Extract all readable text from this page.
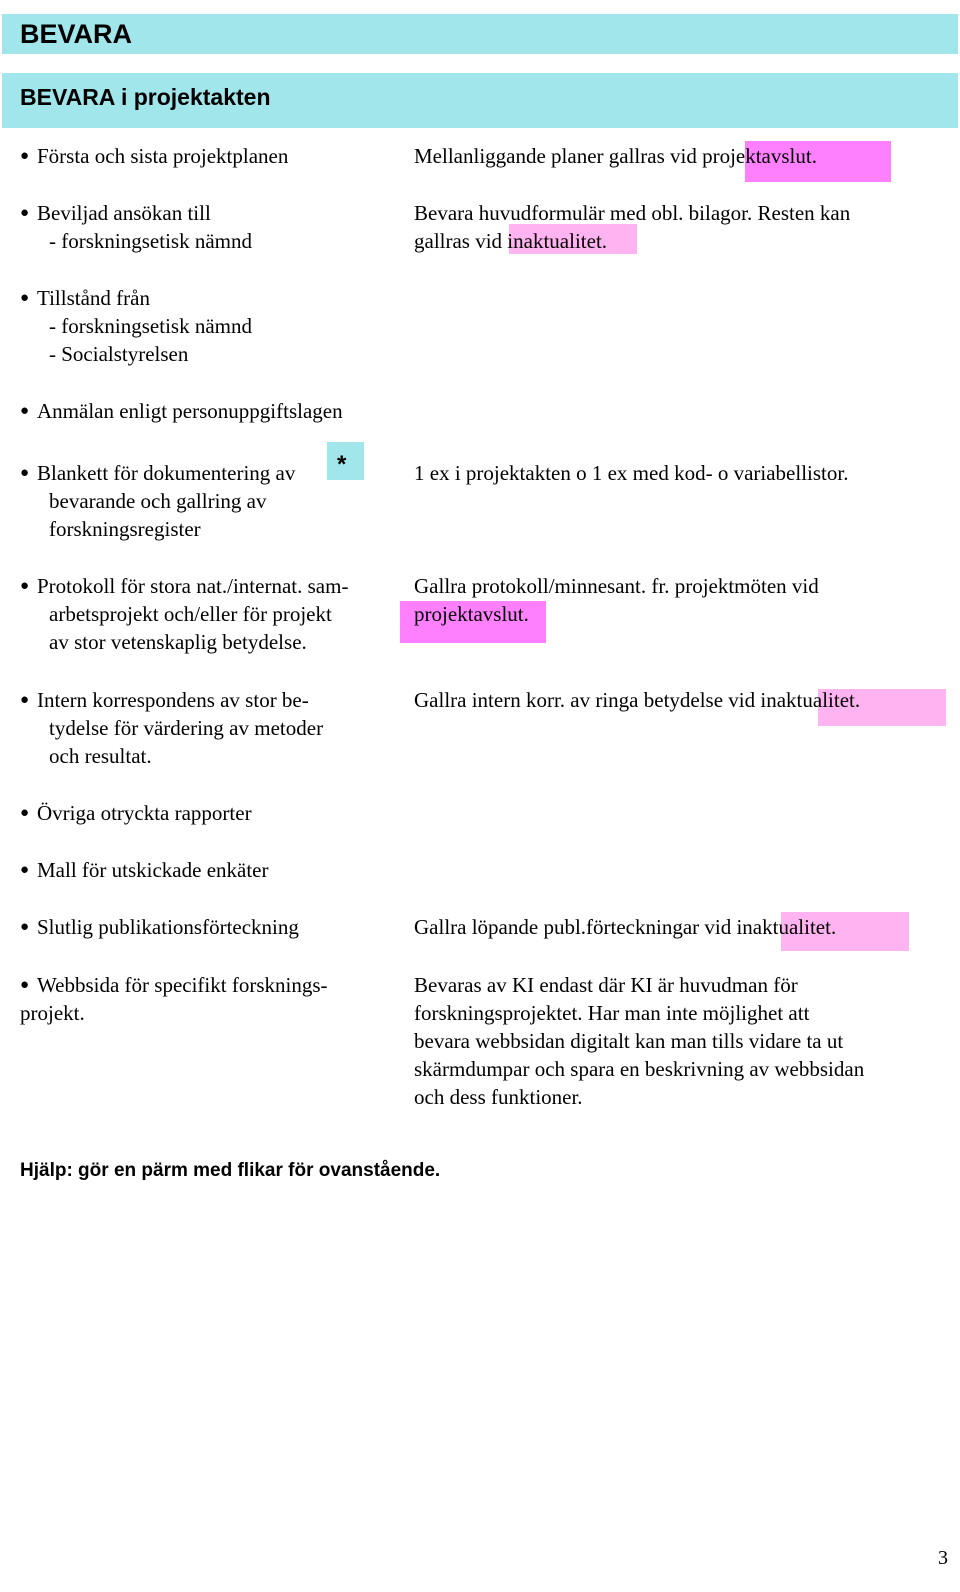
BEVARA
BEVARA i projektakten
● Första och sista projektplanen	Mellanliggande planer gallras vid projektavslut.
● Beviljad ansökan till
- forskningsetisk nämnd
Bevara huvudformulär med obl. bilagor. Resten kan
gallras vid inaktualitet.
● Tillstånd från
- forskningsetisk nämnd
- Socialstyrelsen
● Anmälan enligt personuppgiftslagen
● Blankett för dokumentering av *
bevarande och gallring av
forskningsregister
1 ex i projektakten o 1 ex med kod- o variabellistor.
● Protokoll för stora nat./internat. sam-
arbetsprojekt och/eller för projekt
av stor vetenskaplig betydelse.
Gallra protokoll/minnesant. fr. projektmöten vid
projektavslut.
● Intern korrespondens av stor be-
tydelse för värdering av metoder
och resultat.
Gallra intern korr. av ringa betydelse vid inaktualitet.
● Övriga otryckta rapporter
● Mall för utskickade enkäter
● Slutlig publikationsförteckning	Gallra löpande publ.förteckningar vid inaktualitet.
● Webbsida för specifikt forsknings-
projekt.
Bevaras av KI endast där KI är huvudman för
forskningsprojektet. Har man inte möjlighet att
bevara webbsidan digitalt kan man tills vidare ta ut
skärmdumpar och spara en beskrivning av webbsidan
och dess funktioner.
Hjälp: gör en pärm med flikar för ovanstående.
3
